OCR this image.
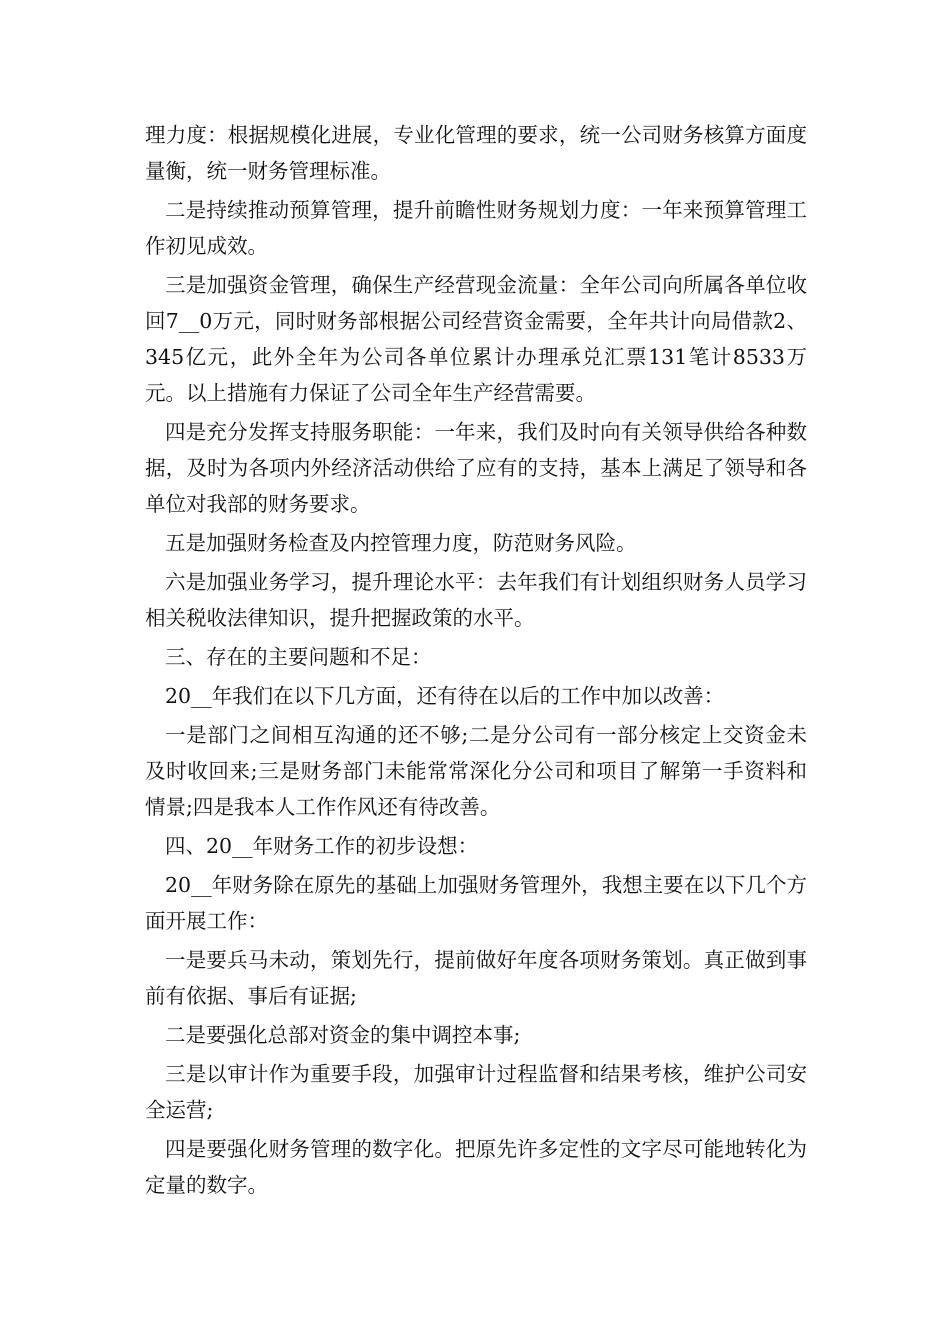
理力度：根据规模化进展，专业化管理的要求，统一公司财务核算方面度量衡，统一财务管理标准。

二是持续推动预算管理，提升前瞻性财务规划力度：一年来预算管理工作初见成效。

三是加强资金管理，确保生产经营现金流量：全年公司向所属各单位收回7__0万元，同时财务部根据公司经营资金需要，全年共计向局借款2、345亿元，此外全年为公司各单位累计办理承兑汇票131笔计8533万元。以上措施有力保证了公司全年生产经营需要。

四是充分发挥支持服务职能：一年来，我们及时向有关领导供给各种数据，及时为各项内外经济活动供给了应有的支持，基本上满足了领导和各单位对我部的财务要求。

五是加强财务检查及内控管理力度，防范财务风险。

六是加强业务学习，提升理论水平：去年我们有计划组织财务人员学习相关税收法律知识，提升把握政策的水平。

三、存在的主要问题和不足：

20__年我们在以下几方面，还有待在以后的工作中加以改善：

一是部门之间相互沟通的还不够;二是分公司有一部分核定上交资金未及时收回来;三是财务部门未能常常深化分公司和项目了解第一手资料和情景;四是我本人工作作风还有待改善。

四、20__年财务工作的初步设想：

20__年财务除在原先的基础上加强财务管理外，我想主要在以下几个方面开展工作：

一是要兵马未动，策划先行，提前做好年度各项财务策划。真正做到事前有依据、事后有证据;

二是要强化总部对资金的集中调控本事;

三是以审计作为重要手段，加强审计过程监督和结果考核，维护公司安全运营;

四是要强化财务管理的数字化。把原先许多定性的文字尽可能地转化为定量的数字。
